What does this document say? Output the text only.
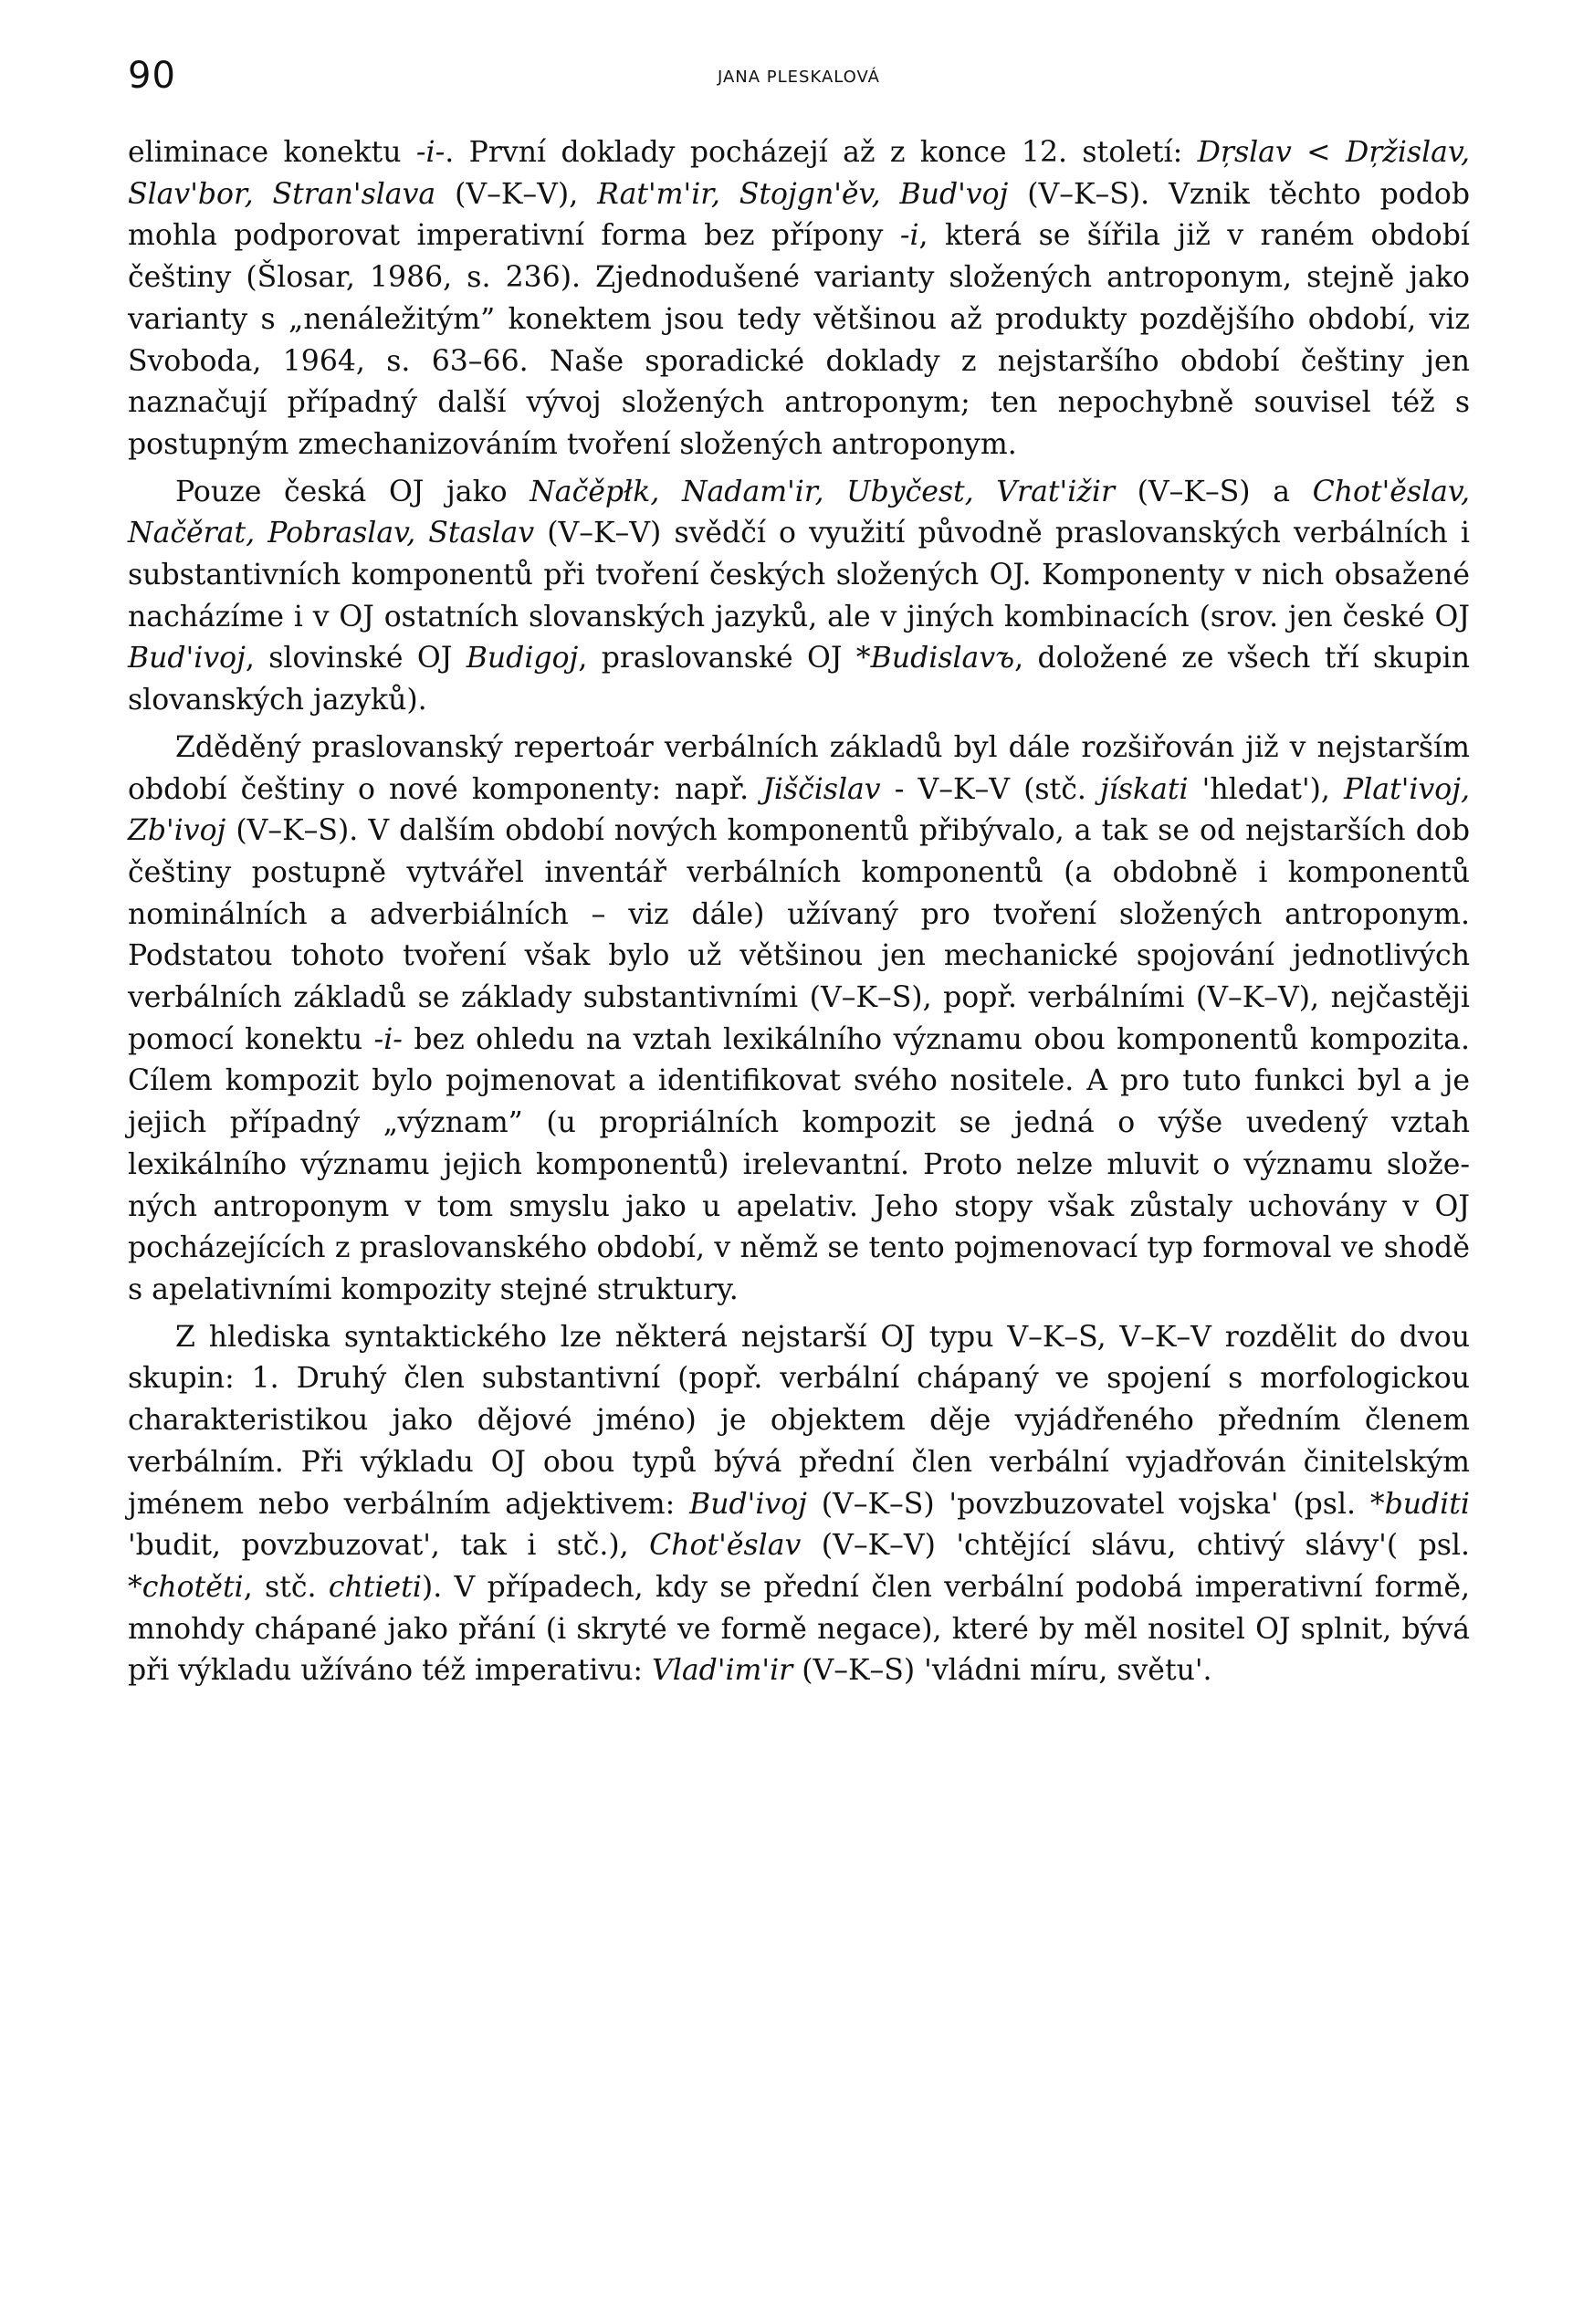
90	JANA PLESKALOVÁ

eliminace konektu -i-. První doklady pocházejí až z konce 12. století: Dŗslav < Dŗžislav, Slav'bor, Stran'slava (V–K–V), Rat'm'ir, Stojgn'ěv, Bud'voj (V–K–S). Vznik těchto podob mohla podporovat imperativní forma bez přípony -i, která se šířila již v raném období češtiny (Šlosar, 1986, s. 236). Zjednodušené varianty složených antroponym, stejně jako varianty s „nenáležitým” konektem jsou tedy většinou až produkty pozdějšího období, viz Svoboda, 1964, s. 63–66. Naše sporadické doklady z nejstaršího období češtiny jen naznačují případný další vývoj složených antroponym; ten nepochybně souvisel též s postupným zmechanizováním tvoření složených antroponym.

Pouze česká OJ jako Načěpłk, Nadam'ir, Ubyčest, Vrat'ižir (V–K–S) a Chot'ěslav, Načěrat, Pobraslav, Staslav (V–K–V) svědčí o využití původně praslovanských verbálních i substantivních komponentů při tvoření českých složených OJ. Komponenty v nich obsažené nacházíme i v OJ ostatních slovanských jazyků, ale v jiných kombinacích (srov. jen české OJ Bud'ivoj, slovinské OJ Budigoj, praslovanské OJ *Budislavъ, doložené ze všech tří skupin slovanských jazyků).

Zděděný praslovanský repertoár verbálních základů byl dále rozšiřován již v nejstarším období češtiny o nové komponenty: např. Jiščislav - V–K–V (stč. jískati 'hledat'), Plat'ivoj, Zb'ivoj (V–K–S). V dalším období nových komponentů přibývalo, a tak se od nejstarších dob češtiny postupně vytvářel inventář verbálních komponentů (a obdobně i komponentů nominálních a adverbiálních – viz dále) užívaný pro tvoření složených antroponym. Podstatou tohoto tvoření však bylo už většinou jen mechanické spojování jednotlivých verbálních základů se základy substantivními (V–K–S), popř. verbálními (V–K–V), nejčastěji pomocí konektu -i- bez ohledu na vztah lexikálního významu obou komponentů kompozita. Cílem kompozit bylo pojmenovat a identifikovat svého nositele. A pro tuto funkci byl a je jejich případný „význam” (u propriálních kompozit se jedná o výše uvedený vztah lexikálního významu jejich komponentů) irelevantní. Proto nelze mluvit o významu složených antroponym v tom smyslu jako u apelativ. Jeho stopy však zůstaly uchovány v OJ pocházejících z praslovanského období, v němž se tento pojmenovací typ formoval ve shodě s apelativními kompozity stejné struktury.

Z hlediska syntaktického lze některá nejstarší OJ typu V–K–S, V–K–V rozdělit do dvou skupin: 1. Druhý člen substantivní (popř. verbální chápaný ve spojení s morfologickou charakteristikou jako dějové jméno) je objektem děje vyjádřeného předním členem verbálním. Při výkladu OJ obou typů bývá přední člen verbální vyjadřován činitelským jménem nebo verbálním adjektivem: Bud'ivoj (V–K–S) 'povzbuzovatel vojska' (psl. *buditi 'budit, povzbuzovat', tak i stč.), Chot'ěslav (V–K–V) 'chtějící slávu, chtivý slávy'( psl. *chotěti, stč. chtieti). V případech, kdy se přední člen verbální podobá imperativní formě, mnohdy chápané jako přání (i skryté ve formě negace), které by měl nositel OJ splnit, bývá při výkladu užíváno též imperativu: Vlad'im'ir (V–K–S) 'vládni míru, světu'.
